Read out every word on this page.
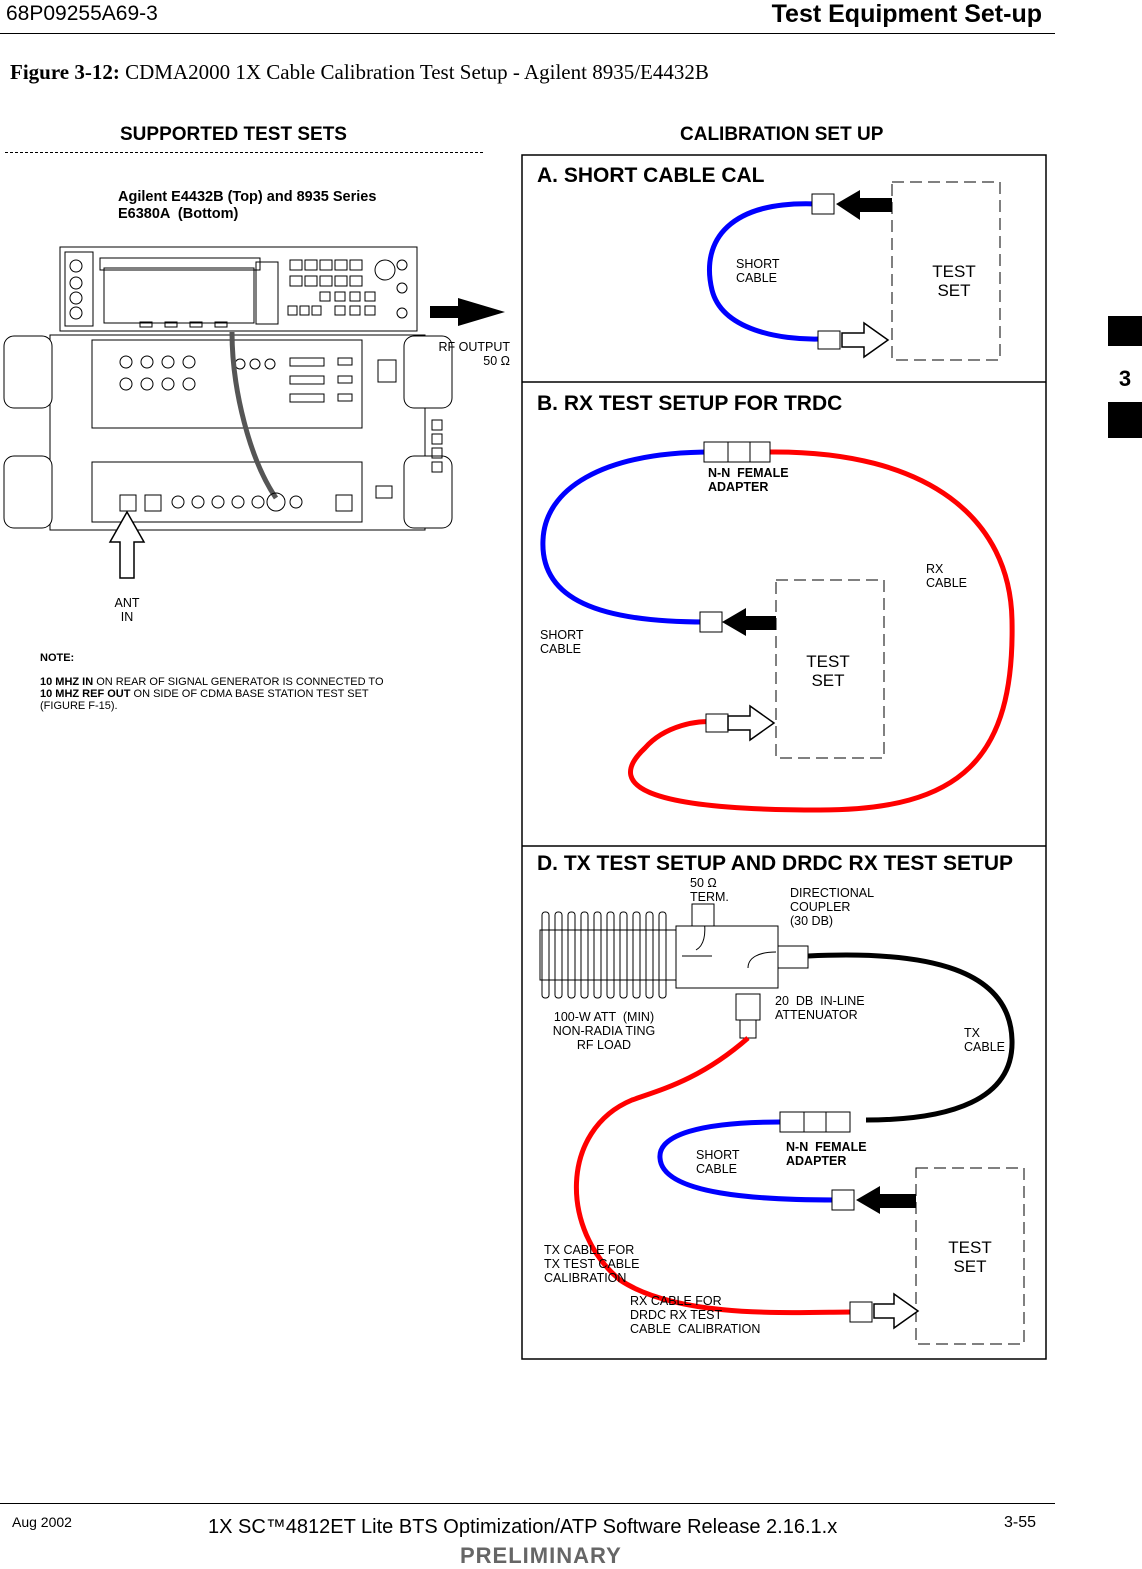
68P09255A69-3	Test Equipment Set-up
Figure 3-12: CDMA2000 1X Cable Calibration Test Setup - Agilent 8935/E4432B
SUPPORTED TEST SETS	CALIBRATION SET UP
Agilent E4432B (Top) and 8935 Series
E6380A  (Bottom)
RF OUTPUT
50 Ω
ANT
IN
NOTE:
10 MHZ IN ON REAR OF SIGNAL GENERATOR IS CONNECTED TO
10 MHZ REF OUT ON SIDE OF CDMA BASE STATION TEST SET
(FIGURE F-15).
A. SHORT CABLE CAL
SHORT
CABLE	TEST
SET
B. RX TEST SETUP FOR TRDC
N-N  FEMALE
ADAPTER
RX
CABLE
SHORT
CABLE
TEST
SET
D. TX TEST SETUP AND DRDC RX TEST SETUP
50 Ω
TERM.	DIRECTIONAL
COUPLER
(30 DB)
20  DB  IN-LINE
ATTENUATOR
100-W ATT  (MIN)
NON-RADIA TING
RF LOAD
TX
CABLE
SHORT
CABLE
N-N  FEMALE
ADAPTER
TEST
SET
TX CABLE FOR
TX TEST CABLE
CALIBRATION
RX CABLE FOR
DRDC RX TEST
CABLE  CALIBRATION
3
Aug 2002	1X SC™4812ET Lite BTS Optimization/ATP Software Release 2.16.1.x	3-55
PRELIMINARY
